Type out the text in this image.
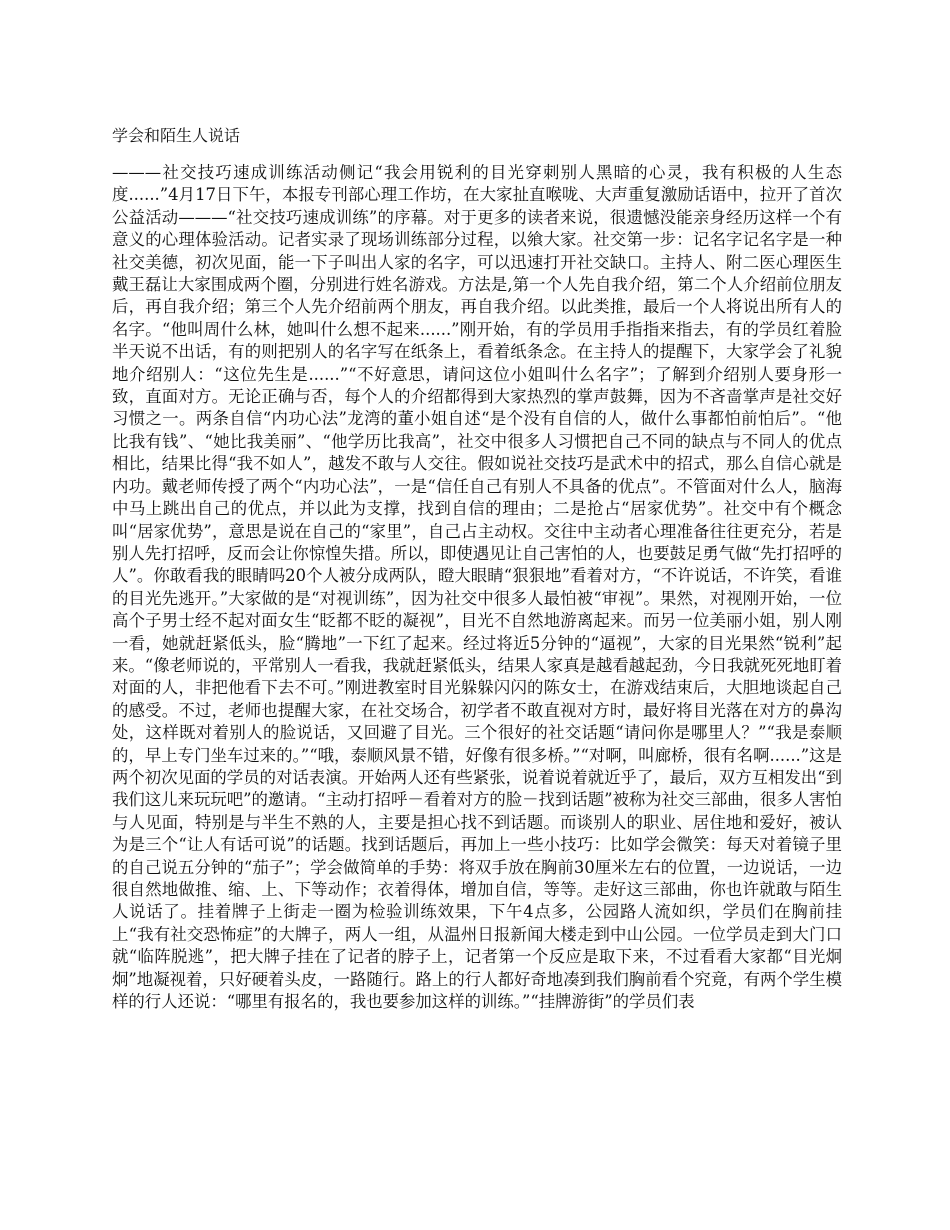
学会和陌生人说话

———社交技巧速成训练活动侧记“我会用锐利的目光穿刺别人黑暗的心灵，我有积极的人生态度......”4月17日下午，本报专刊部心理工作坊，在大家扯直喉咙、大声重复激励话语中，拉开了首次公益活动———“社交技巧速成训练”的序幕。对于更多的读者来说，很遗憾没能亲身经历这样一个有意义的心理体验活动。记者实录了现场训练部分过程，以飨大家。社交第一步：记名字记名字是一种社交美德，初次见面，能一下子叫出人家的名字，可以迅速打开社交缺口。主持人、附二医心理医生戴王磊让大家围成两个圈，分别进行姓名游戏。方法是,第一个人先自我介绍，第二个人介绍前位朋友后，再自我介绍；第三个人先介绍前两个朋友，再自我介绍。以此类推，最后一个人将说出所有人的名字。“他叫周什么林，她叫什么想不起来......”刚开始，有的学员用手指指来指去，有的学员红着脸半天说不出话，有的则把别人的名字写在纸条上，看着纸条念。在主持人的提醒下，大家学会了礼貌地介绍别人：“这位先生是......”“不好意思，请问这位小姐叫什么名字”；了解到介绍别人要身形一致，直面对方。无论正确与否，每个人的介绍都得到大家热烈的掌声鼓舞，因为不吝啬掌声是社交好习惯之一。两条自信“内功心法”龙湾的董小姐自述“是个没有自信的人，做什么事都怕前怕后”。“他比我有钱”、“她比我美丽”、“他学历比我高”，社交中很多人习惯把自己不同的缺点与不同人的优点相比，结果比得“我不如人”，越发不敢与人交往。假如说社交技巧是武术中的招式，那么自信心就是内功。戴老师传授了两个“内功心法”，一是“信任自己有别人不具备的优点”。不管面对什么人，脑海中马上跳出自己的优点，并以此为支撑，找到自信的理由；二是抢占“居家优势”。社交中有个概念叫“居家优势”，意思是说在自己的“家里”，自己占主动权。交往中主动者心理准备往往更充分，若是别人先打招呼，反而会让你惊惶失措。所以，即使遇见让自己害怕的人，也要鼓足勇气做“先打招呼的人”。你敢看我的眼睛吗20个人被分成两队，瞪大眼睛“狠狠地”看着对方，“不许说话，不许笑，看谁的目光先逃开。”大家做的是“对视训练”，因为社交中很多人最怕被“审视”。果然，对视刚开始，一位高个子男士经不起对面女生“眨都不眨的凝视”，目光不自然地游离起来。而另一位美丽小姐，别人刚一看，她就赶紧低头，脸“腾地”一下红了起来。经过将近5分钟的“逼视”，大家的目光果然“锐利”起来。“像老师说的，平常别人一看我，我就赶紧低头，结果人家真是越看越起劲，今日我就死死地盯着对面的人，非把他看下去不可。”刚进教室时目光躲躲闪闪的陈女士，在游戏结束后，大胆地谈起自己的感受。不过，老师也提醒大家，在社交场合，初学者不敢直视对方时，最好将目光落在对方的鼻沟处，这样既对着别人的脸说话，又回避了目光。三个很好的社交话题“请问你是哪里人？”“我是泰顺的，早上专门坐车过来的。”“哦，泰顺风景不错，好像有很多桥。”“对啊，叫廊桥，很有名啊......”这是两个初次见面的学员的对话表演。开始两人还有些紧张，说着说着就近乎了，最后，双方互相发出“到我们这儿来玩玩吧”的邀请。“主动打招呼－看着对方的脸－找到话题”被称为社交三部曲，很多人害怕与人见面，特别是与半生不熟的人，主要是担心找不到话题。而谈别人的职业、居住地和爱好，被认为是三个“让人有话可说”的话题。找到话题后，再加上一些小技巧：比如学会微笑：每天对着镜子里的自己说五分钟的“茄子”；学会做简单的手势：将双手放在胸前30厘米左右的位置，一边说话，一边很自然地做推、缩、上、下等动作；衣着得体，增加自信，等等。走好这三部曲，你也许就敢与陌生人说话了。挂着牌子上街走一圈为检验训练效果，下午4点多，公园路人流如织，学员们在胸前挂上“我有社交恐怖症”的大牌子，两人一组，从温州日报新闻大楼走到中山公园。一位学员走到大门口就“临阵脱逃”，把大牌子挂在了记者的脖子上，记者第一个反应是取下来，不过看看大家都“目光炯炯”地凝视着，只好硬着头皮，一路随行。路上的行人都好奇地凑到我们胸前看个究竟，有两个学生模样的行人还说：“哪里有报名的，我也要参加这样的训练。”“挂牌游街”的学员们表
